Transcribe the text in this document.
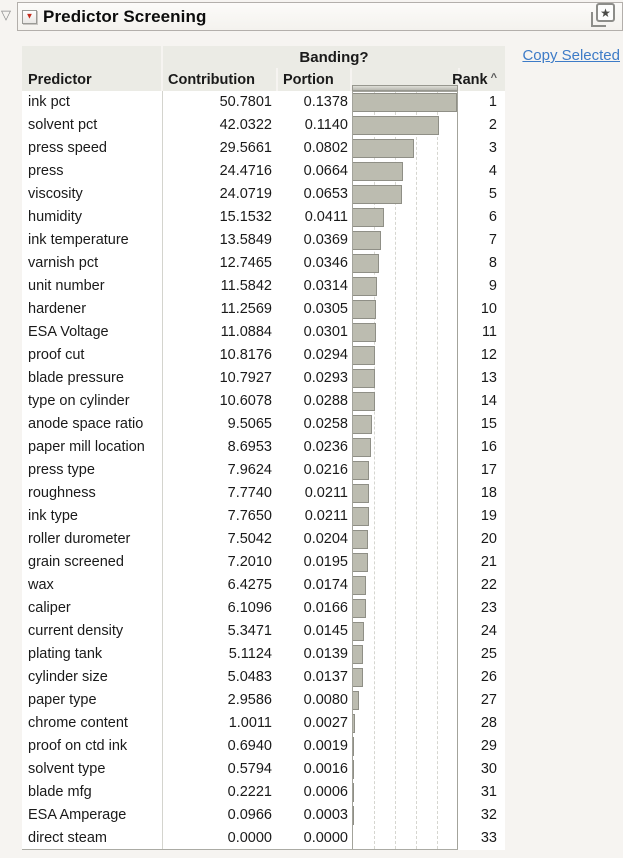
▽ ▼ Predictor Screening	★
Copy Selected
Predictor
Banding?
Contribution	Portion	Rank ^
ink pct	50.7801	0.1378	1
solvent pct	42.0322	0.1140	2
press speed	29.5661	0.0802	3
press	24.4716	0.0664	4
viscosity	24.0719	0.0653	5
humidity	15.1532	0.0411	6
ink temperature	13.5849	0.0369	7
varnish pct	12.7465	0.0346	8
unit number	11.5842	0.0314	9
hardener	11.2569	0.0305	10
ESA Voltage	11.0884	0.0301	11
proof cut	10.8176	0.0294	12
blade pressure	10.7927	0.0293	13
type on cylinder	10.6078	0.0288	14
anode space ratio	9.5065	0.0258	15
paper mill location	8.6953	0.0236	16
press type	7.9624	0.0216	17
roughness	7.7740	0.0211	18
ink type	7.7650	0.0211	19
roller durometer	7.5042	0.0204	20
grain screened	7.2010	0.0195	21
wax	6.4275	0.0174	22
caliper	6.1096	0.0166	23
current density	5.3471	0.0145	24
plating tank	5.1124	0.0139	25
cylinder size	5.0483	0.0137	26
paper type	2.9586	0.0080	27
chrome content	1.0011	0.0027	28
proof on ctd ink	0.6940	0.0019	29
solvent type	0.5794	0.0016	30
blade mfg	0.2221	0.0006	31
ESA Amperage	0.0966	0.0003	32
direct steam	0.0000	0.0000	33
